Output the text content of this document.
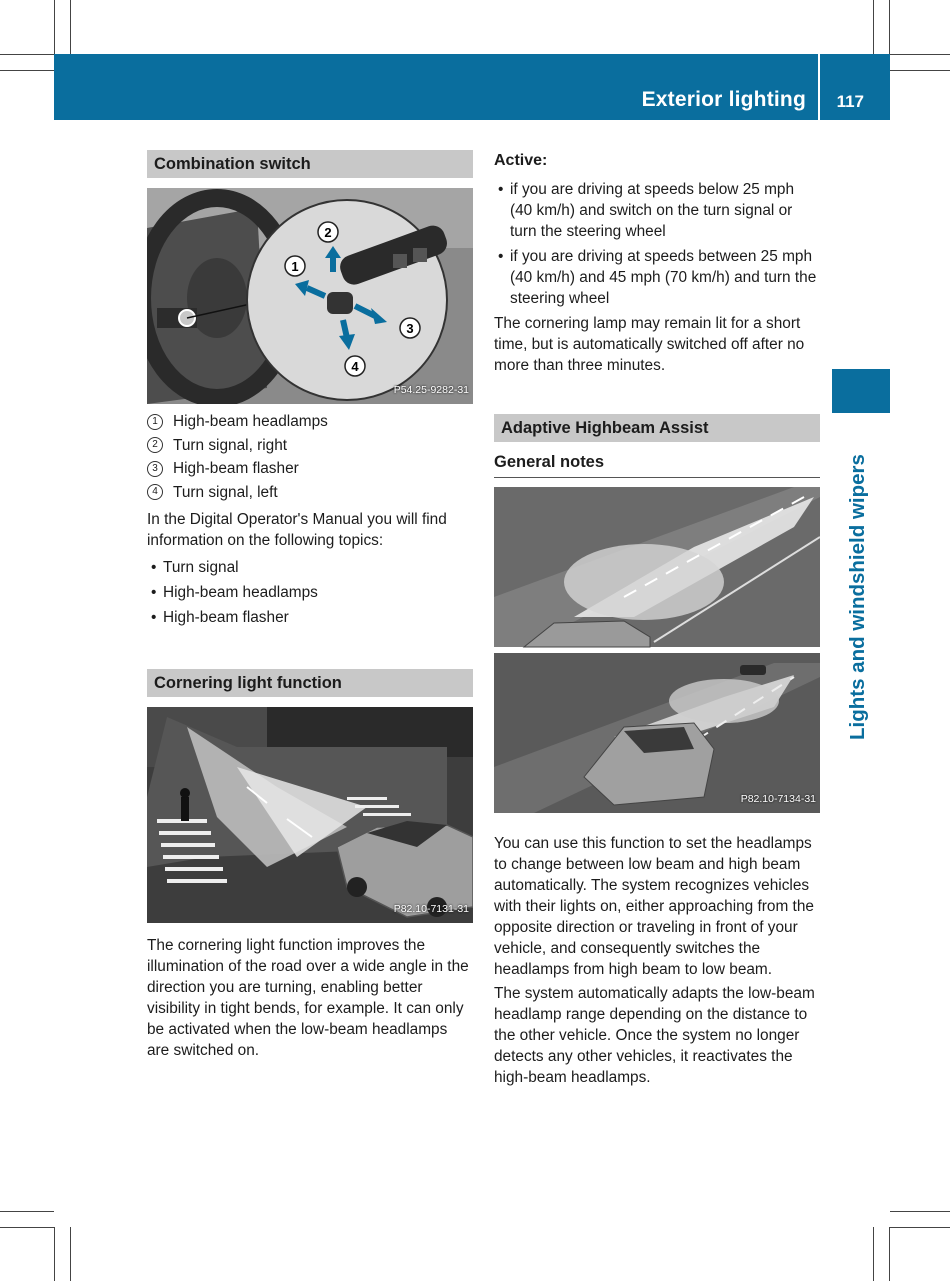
Exterior lighting 117
Lights and windshield wipers
Combination switch
2
1
3
4
P54.25-9282-31
1 High-beam headlamps
2 Turn signal, right
3 High-beam flasher
4 Turn signal, left

In the Digital Operator's Manual you will find information on the following topics:

• Turn signal
• High-beam headlamps
• High-beam flasher
Cornering light function
P82.10-7131-31

The cornering light function improves the illumination of the road over a wide angle in the direction you are turning, enabling better visibility in tight bends, for example. It can only be activated when the low-beam headlamps are switched on.

Active:
• if you are driving at speeds below 25 mph (40 km/h) and switch on the turn signal or turn the steering wheel
• if you are driving at speeds between 25 mph (40 km/h) and 45 mph (70 km/h) and turn the steering wheel

The cornering lamp may remain lit for a short time, but is automatically switched off after no more than three minutes.

Adaptive Highbeam Assist
General notes
P82.10-7134-31

You can use this function to set the headlamps to change between low beam and high beam automatically. The system recognizes vehicles with their lights on, either approaching from the opposite direction or traveling in front of your vehicle, and consequently switches the headlamps from high beam to low beam.

The system automatically adapts the low-beam headlamp range depending on the distance to the other vehicle. Once the system no longer detects any other vehicles, it reactivates the high-beam headlamps.
